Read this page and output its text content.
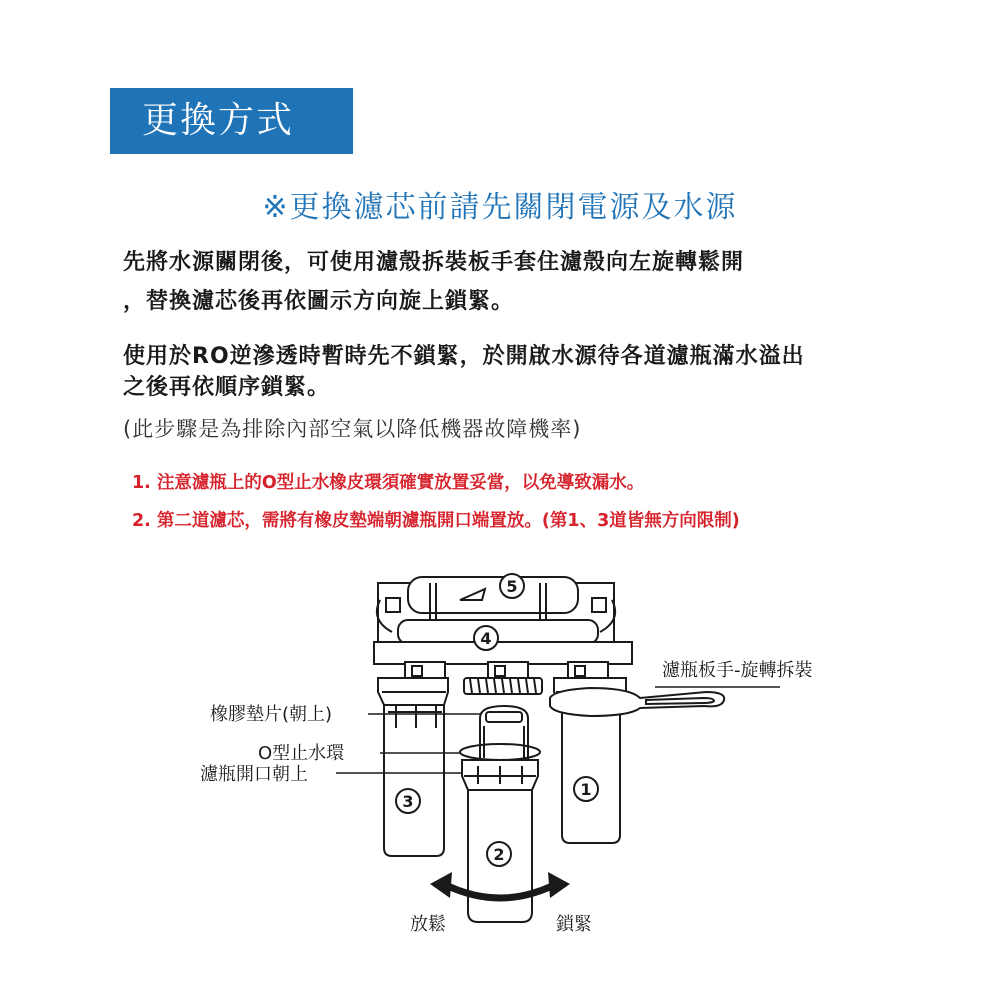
更換方式
※更換濾芯前請先關閉電源及水源
先將水源關閉後，可使用濾殼拆裝板手套住濾殼向左旋轉鬆開
，替換濾芯後再依圖示方向旋上鎖緊。
使用於RO逆滲透時暫時先不鎖緊，於開啟水源待各道濾瓶滿水溢出
之後再依順序鎖緊。
(此步驟是為排除內部空氣以降低機器故障機率)
1. 注意濾瓶上的O型止水橡皮環須確實放置妥當，以免導致漏水。
2. 第二道濾芯，需將有橡皮墊端朝濾瓶開口端置放。(第1、3道皆無方向限制)
5
4
3
1
2
橡膠墊片(朝上)
O型止水環
濾瓶開口朝上
濾瓶板手-旋轉拆裝
放鬆	鎖緊
